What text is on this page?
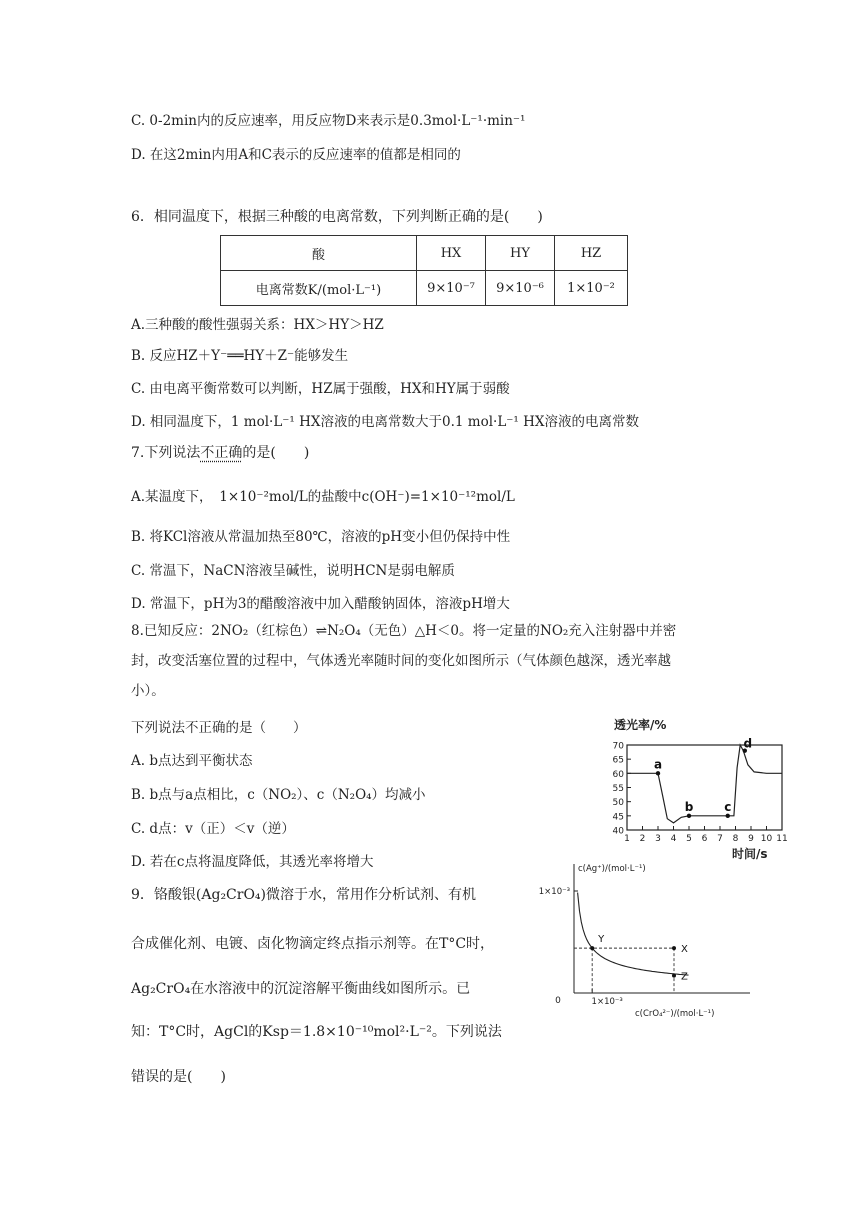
C. 0-2min内的反应速率，用反应物D来表示是0.3mol·L⁻¹·min⁻¹
D. 在这2min内用A和C表示的反应速率的值都是相同的
6．相同温度下，根据三种酸的电离常数，下列判断正确的是(　　)
酸	HX	HY	HZ
电离常数K/(mol·L⁻¹)	9×10⁻⁷	9×10⁻⁶	1×10⁻²
A.三种酸的酸性强弱关系：HX＞HY＞HZ
B. 反应HZ＋Y⁻══HY＋Z⁻能够发生
C. 由电离平衡常数可以判断，HZ属于强酸，HX和HY属于弱酸
D. 相同温度下，1 mol·L⁻¹ HX溶液的电离常数大于0.1 mol·L⁻¹ HX溶液的电离常数
7.下列说法不正确的是(　　)
A.某温度下，　1×10⁻²mol/L的盐酸中c(OH⁻)=1×10⁻¹²mol/L
B. 将KCl溶液从常温加热至80℃，溶液的pH变小但仍保持中性
C. 常温下，NaCN溶液呈碱性，说明HCN是弱电解质
D. 常温下，pH为3的醋酸溶液中加入醋酸钠固体，溶液pH增大
8.已知反应：2NO₂（红棕色）⇌N₂O₄（无色）△H＜0。将一定量的NO₂充入注射器中并密
封，改变活塞位置的过程中，气体透光率随时间的变化如图所示（气体颜色越深，透光率越
小）。
下列说法不正确的是（　　）
A. b点达到平衡状态
B. b点与a点相比，c（NO₂）、c（N₂O₄）均减小
C. d点：v（正）＜v（逆）
D. 若在c点将温度降低，其透光率将增大
9．铬酸银(Ag₂CrO₄)微溶于水，常用作分析试剂、有机
合成催化剂、电镀、卤化物滴定终点指示剂等。在T°C时，
Ag₂CrO₄在水溶液中的沉淀溶解平衡曲线如图所示。已
知：T°C时，AgCl的Ksp＝1.8×10⁻¹⁰mol²·L⁻²。下列说法
错误的是(　　)
透光率/%
时间/s
40
45
50
55
60
65
70
1 2 3 4 5 6 7 8 9 10 11
a
b	c
d
c(Ag⁺)/(mol·L⁻¹)
c(CrO₄²⁻)/(mol·L⁻¹)
0
1×10⁻³
1×10⁻³
Y
X
Z
